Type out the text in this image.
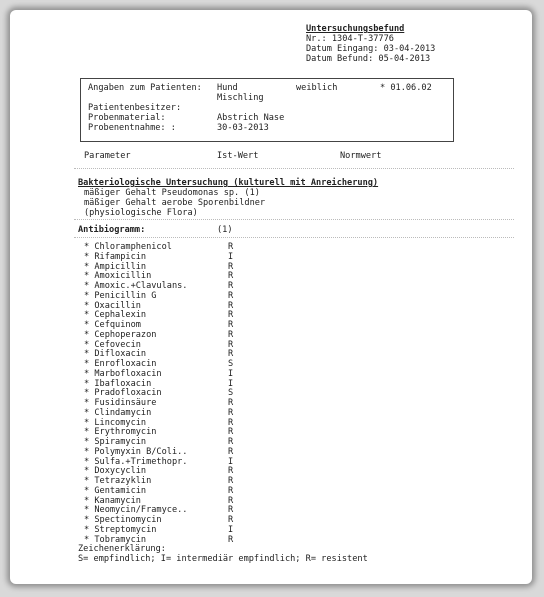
Untersuchungsbefund
Nr.: 1304-T-37776
Datum Eingang: 03-04-2013
Datum Befund: 05-04-2013
Angaben zum Patienten: Hund	weiblich	* 01.06.02
Mischling
Patientenbesitzer:
Probenmaterial:	Abstrich Nase
Probenentnahme: :	30-03-2013
Parameter	Ist-Wert	Normwert
Bakteriologische Untersuchung (kulturell mit Anreicherung)
mäßiger Gehalt Pseudomonas sp. (1)
mäßiger Gehalt aerobe Sporenbildner
(physiologische Flora)
Antibiogramm:	(1)
* Chloramphenicol	R
* Rifampicin	I
* Ampicillin	R
* Amoxicillin	R
* Amoxic.+Clavulans.	R
* Penicillin G	R
* Oxacillin	R
* Cephalexin	R
* Cefquinom	R
* Cephoperazon	R
* Cefovecin	R
* Difloxacin	R
* Enrofloxacin	S
* Marbofloxacin	I
* Ibafloxacin	I
* Pradofloxacin	S
* Fusidinsäure	R
* Clindamycin	R
* Lincomycin	R
* Erythromycin	R
* Spiramycin	R
* Polymyxin B/Coli..	R
* Sulfa.+Trimethopr.	I
* Doxycyclin	R
* Tetrazyklin	R
* Gentamicin	R
* Kanamycin	R
* Neomycin/Framyce..	R
* Spectinomycin	R
* Streptomycin	I
* Tobramycin	R
Zeichenerklärung:
S= empfindlich; I= intermediär empfindlich; R= resistent
